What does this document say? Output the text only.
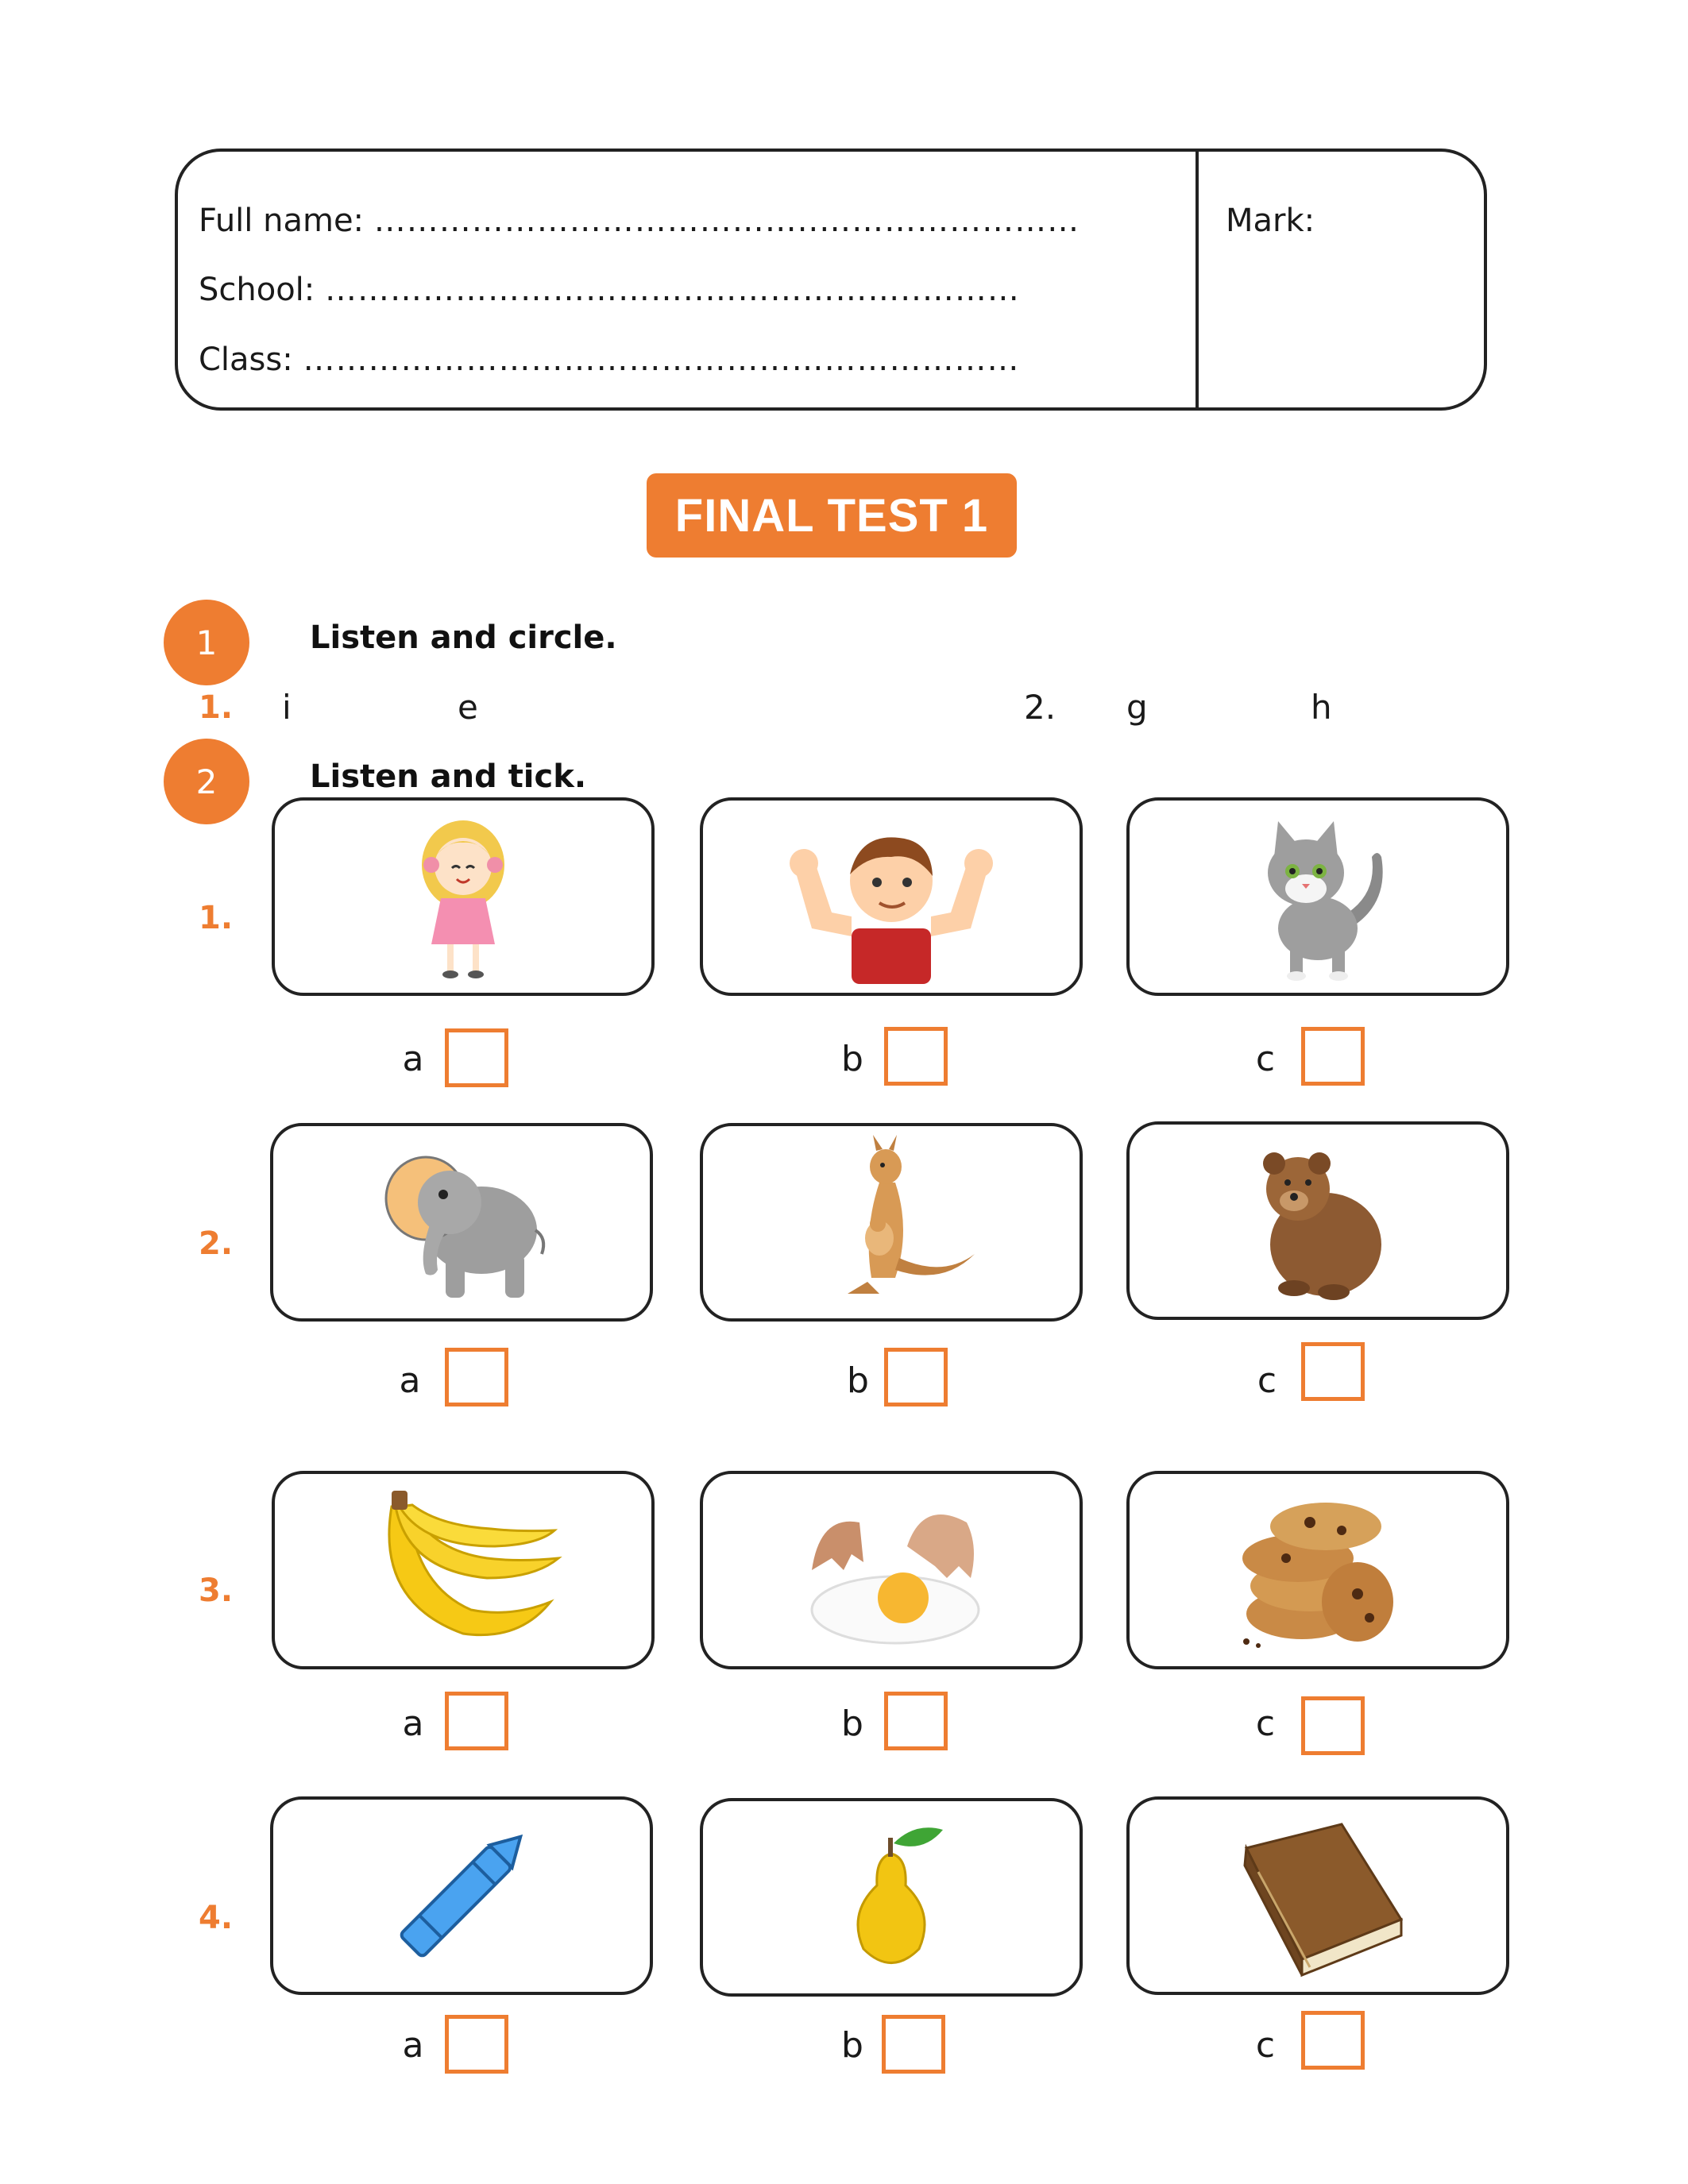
Full name: …………………………………..……………………
School: ……………………………..………………..………
Class: …………………………………………………………
Mark:
FINAL TEST 1
1	Listen and circle.
1. i	e	2. g	h
2	Listen and tick.
1.
a	b	c
2.
a	b	c
3.
a	b	c
4.
a	b	c
